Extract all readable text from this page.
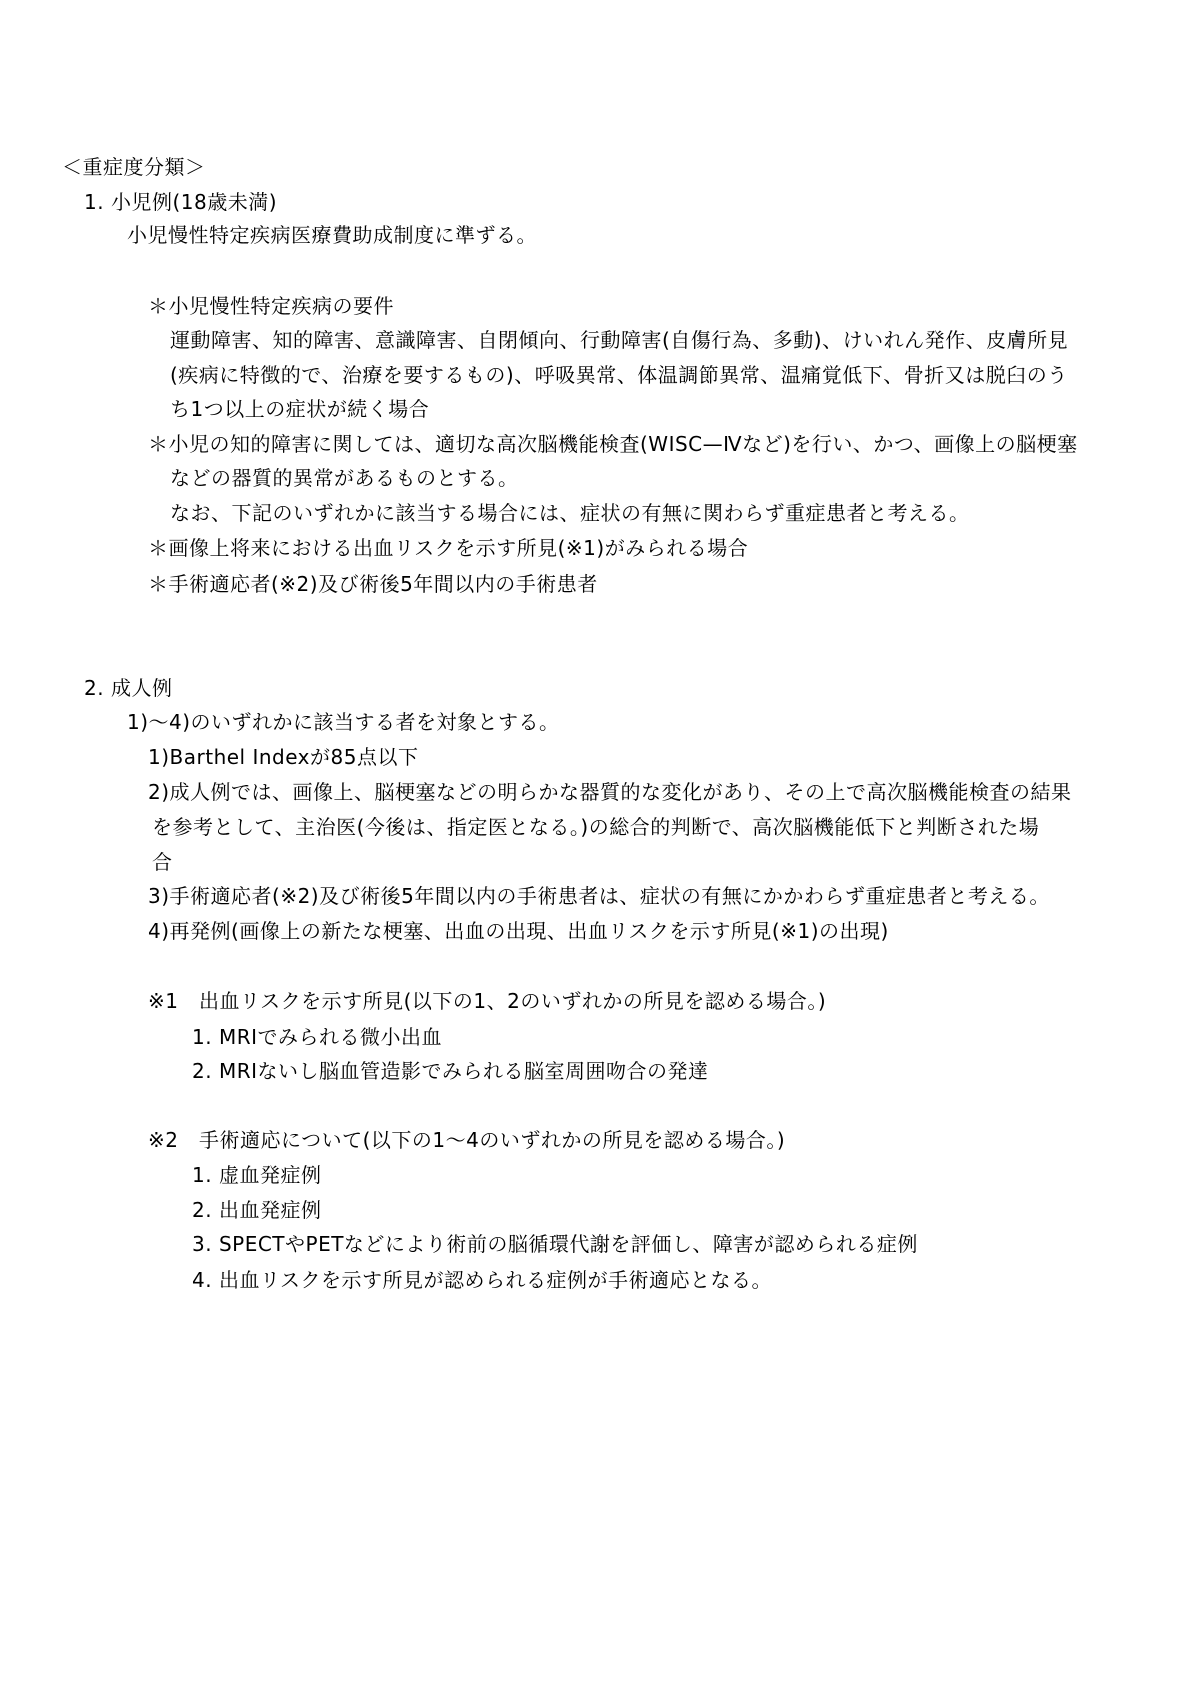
＜重症度分類＞
1. 小児例(18歳未満)
小児慢性特定疾病医療費助成制度に準ずる。
＊小児慢性特定疾病の要件
運動障害、知的障害、意識障害、自閉傾向、行動障害(自傷行為、多動)、けいれん発作、皮膚所見
(疾病に特徴的で、治療を要するもの)、呼吸異常、体温調節異常、温痛覚低下、骨折又は脱臼のう
ち1つ以上の症状が続く場合
＊小児の知的障害に関しては、適切な高次脳機能検査(WISC—Ⅳなど)を行い、かつ、画像上の脳梗塞
などの器質的異常があるものとする。
なお、下記のいずれかに該当する場合には、症状の有無に関わらず重症患者と考える。
＊画像上将来における出血リスクを示す所見(※1)がみられる場合
＊手術適応者(※2)及び術後5年間以内の手術患者
2. 成人例
1)～4)のいずれかに該当する者を対象とする。
1)Barthel Indexが85点以下
2)成人例では、画像上、脳梗塞などの明らかな器質的な変化があり、その上で高次脳機能検査の結果
を参考として、主治医(今後は、指定医となる。)の総合的判断で、高次脳機能低下と判断された場
合
3)手術適応者(※2)及び術後5年間以内の手術患者は、症状の有無にかかわらず重症患者と考える。
4)再発例(画像上の新たな梗塞、出血の出現、出血リスクを示す所見(※1)の出現)
※1　出血リスクを示す所見(以下の1、2のいずれかの所見を認める場合。)
1. MRIでみられる微小出血
2. MRIないし脳血管造影でみられる脳室周囲吻合の発達
※2　手術適応について(以下の1～4のいずれかの所見を認める場合。)
1. 虚血発症例
2. 出血発症例
3. SPECTやPETなどにより術前の脳循環代謝を評価し、障害が認められる症例
4. 出血リスクを示す所見が認められる症例が手術適応となる。
